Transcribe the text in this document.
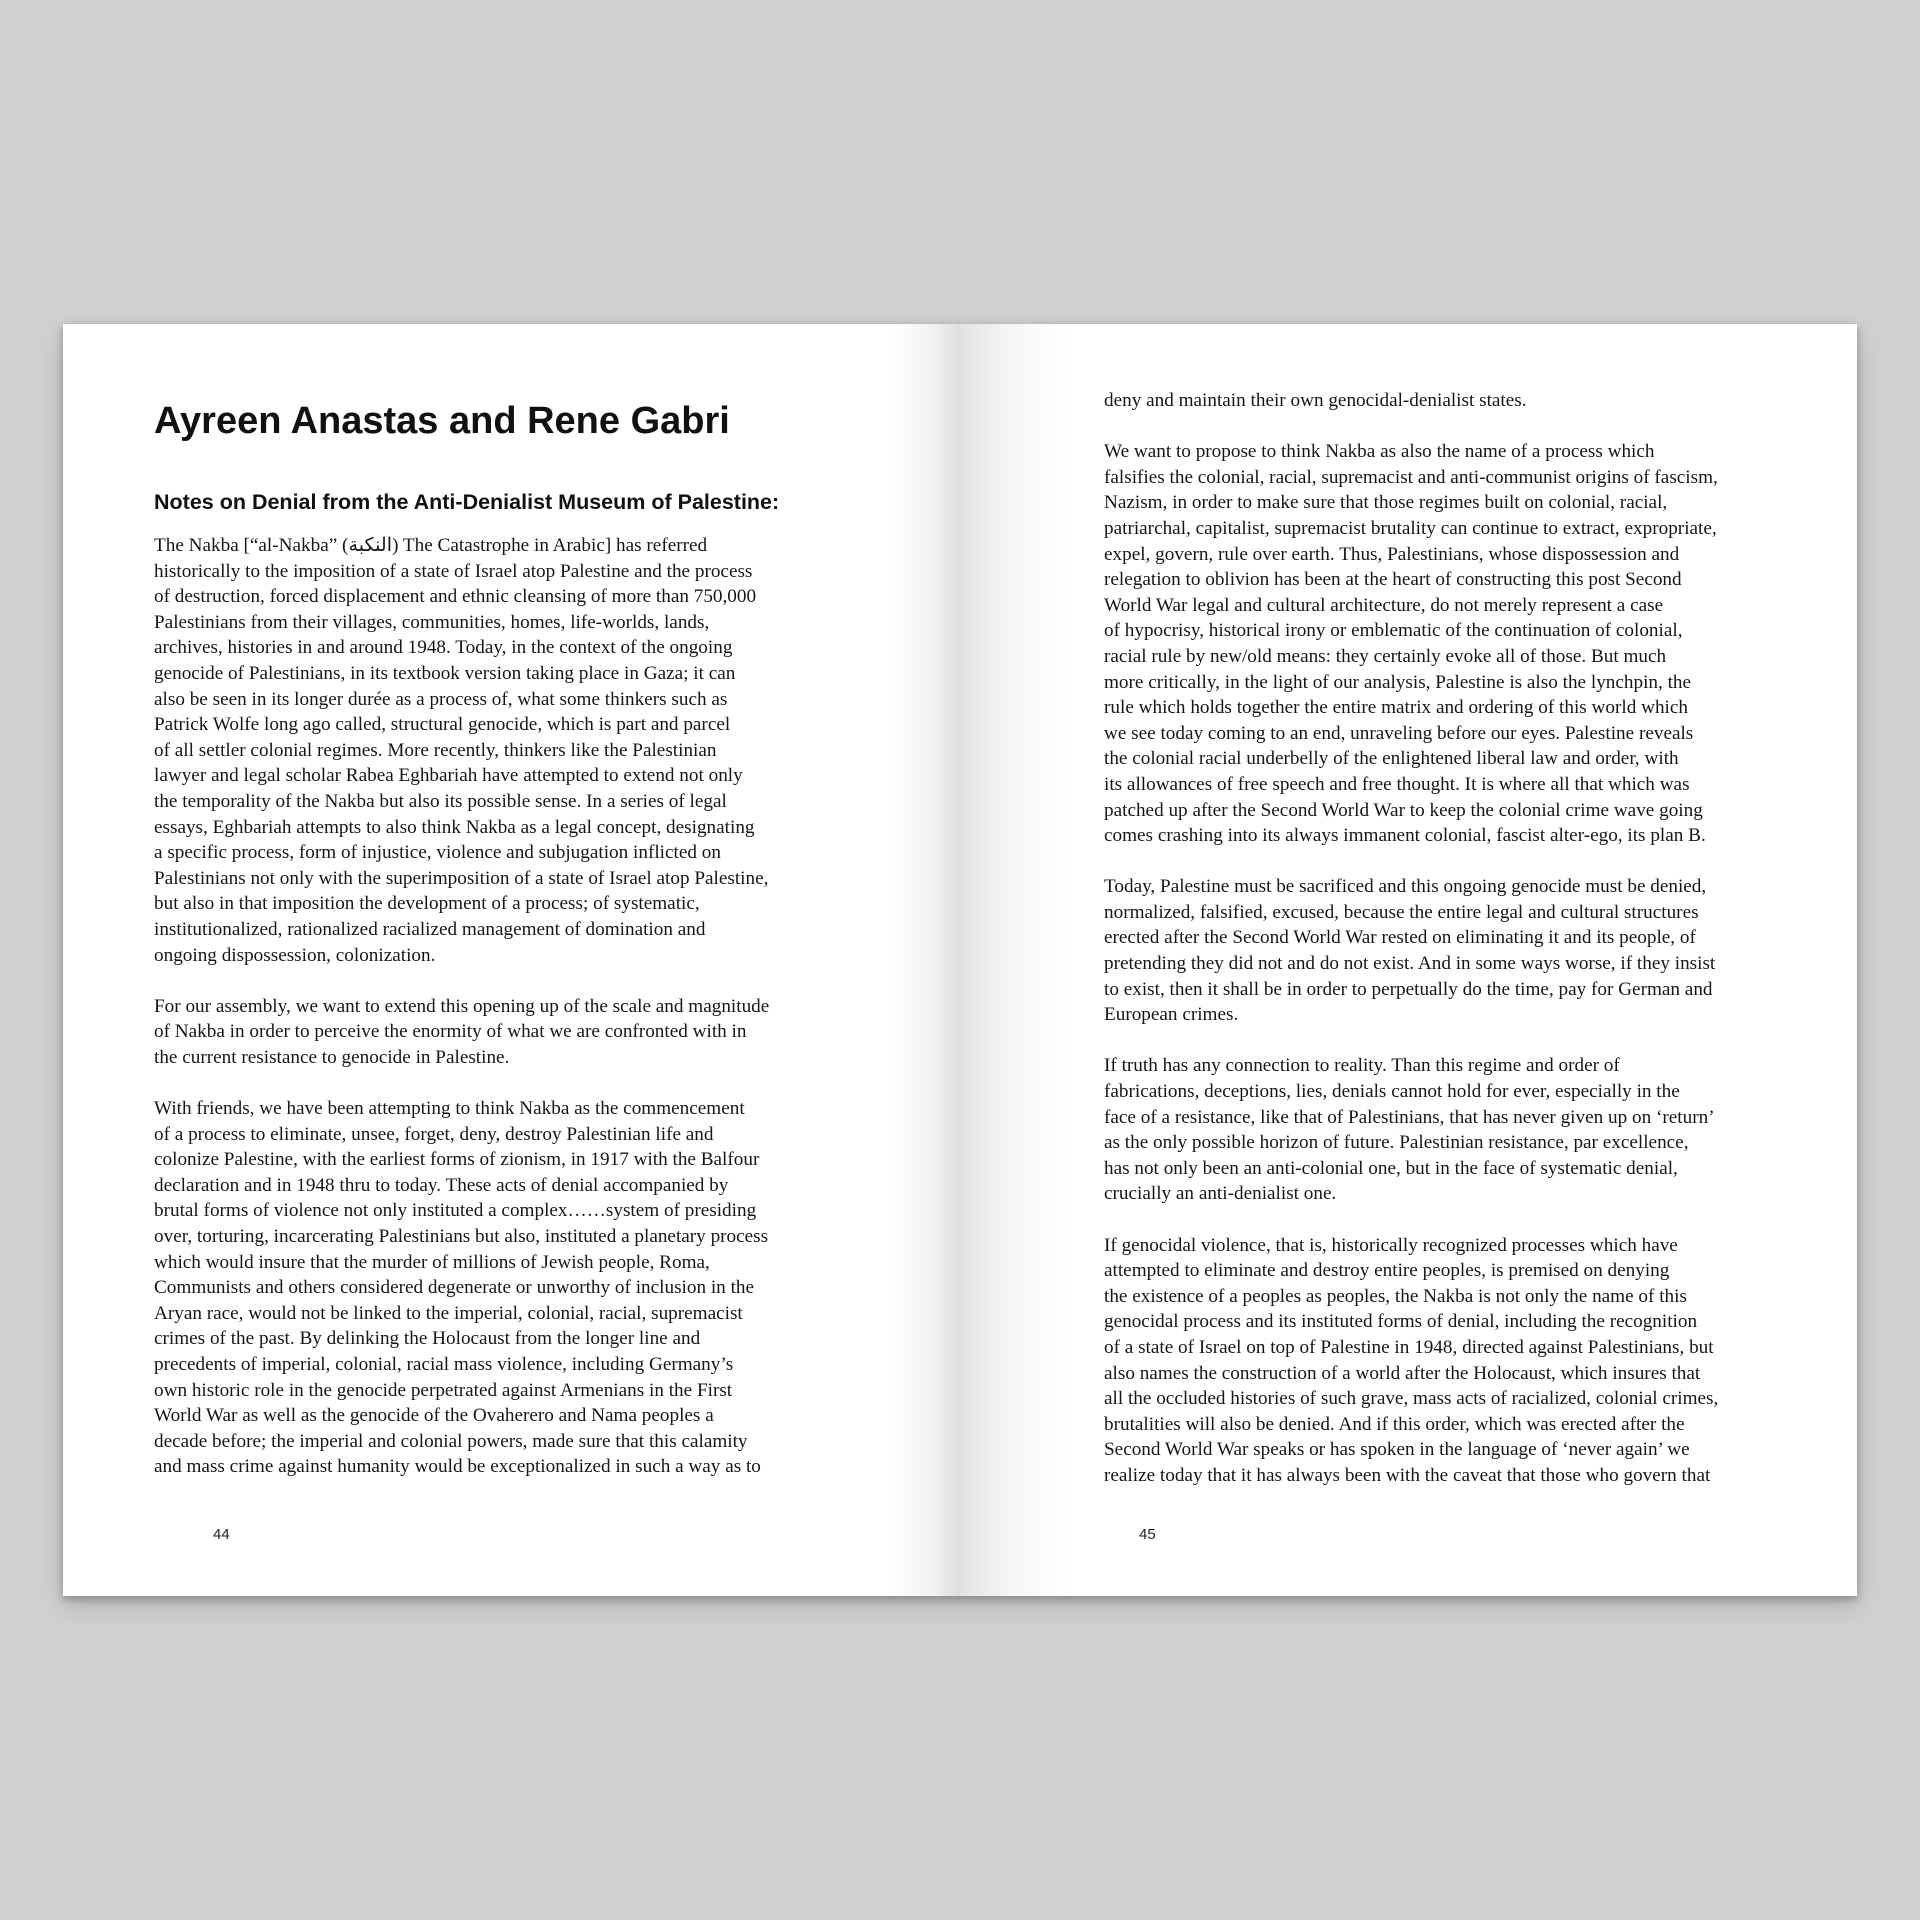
Ayreen Anastas and Rene Gabri
Notes on Denial from the Anti-Denialist Museum of Palestine:

The Nakba [“al-Nakba” (النكبة) The Catastrophe in Arabic] has referred
historically to the imposition of a state of Israel atop Palestine and the process
of destruction, forced displacement and ethnic cleansing of more than 750,000
Palestinians from their villages, communities, homes, life-worlds, lands,
archives, histories in and around 1948. Today, in the context of the ongoing
genocide of Palestinians, in its textbook version taking place in Gaza; it can
also be seen in its longer durée as a process of, what some thinkers such as
Patrick Wolfe long ago called, structural genocide, which is part and parcel
of all settler colonial regimes. More recently, thinkers like the Palestinian
lawyer and legal scholar Rabea Eghbariah have attempted to extend not only
the temporality of the Nakba but also its possible sense. In a series of legal
essays, Eghbariah attempts to also think Nakba as a legal concept, designating
a specific process, form of injustice, violence and subjugation inflicted on
Palestinians not only with the superimposition of a state of Israel atop Palestine,
but also in that imposition the development of a process; of systematic,
institutionalized, rationalized racialized management of domination and
ongoing dispossession, colonization.

For our assembly, we want to extend this opening up of the scale and magnitude
of Nakba in order to perceive the enormity of what we are confronted with in
the current resistance to genocide in Palestine.

With friends, we have been attempting to think Nakba as the commencement
of a process to eliminate, unsee, forget, deny, destroy Palestinian life and
colonize Palestine, with the earliest forms of zionism, in 1917 with the Balfour
declaration and in 1948 thru to today. These acts of denial accompanied by
brutal forms of violence not only instituted a complex……system of presiding
over, torturing, incarcerating Palestinians but also, instituted a planetary process
which would insure that the murder of millions of Jewish people, Roma,
Communists and others considered degenerate or unworthy of inclusion in the
Aryan race, would not be linked to the imperial, colonial, racial, supremacist
crimes of the past. By delinking the Holocaust from the longer line and
precedents of imperial, colonial, racial mass violence, including Germany’s
own historic role in the genocide perpetrated against Armenians in the First
World War as well as the genocide of the Ovaherero and Nama peoples a
decade before; the imperial and colonial powers, made sure that this calamity
and mass crime against humanity would be exceptionalized in such a way as to

44

deny and maintain their own genocidal-denialist states.

We want to propose to think Nakba as also the name of a process which
falsifies the colonial, racial, supremacist and anti-communist origins of fascism,
Nazism, in order to make sure that those regimes built on colonial, racial,
patriarchal, capitalist, supremacist brutality can continue to extract, expropriate,
expel, govern, rule over earth. Thus, Palestinians, whose dispossession and
relegation to oblivion has been at the heart of constructing this post Second
World War legal and cultural architecture, do not merely represent a case
of hypocrisy, historical irony or emblematic of the continuation of colonial,
racial rule by new/old means: they certainly evoke all of those. But much
more critically, in the light of our analysis, Palestine is also the lynchpin, the
rule which holds together the entire matrix and ordering of this world which
we see today coming to an end, unraveling before our eyes. Palestine reveals
the colonial racial underbelly of the enlightened liberal law and order, with
its allowances of free speech and free thought. It is where all that which was
patched up after the Second World War to keep the colonial crime wave going
comes crashing into its always immanent colonial, fascist alter-ego, its plan B.

Today, Palestine must be sacrificed and this ongoing genocide must be denied,
normalized, falsified, excused, because the entire legal and cultural structures
erected after the Second World War rested on eliminating it and its people, of
pretending they did not and do not exist. And in some ways worse, if they insist
to exist, then it shall be in order to perpetually do the time, pay for German and
European crimes.

If truth has any connection to reality. Than this regime and order of
fabrications, deceptions, lies, denials cannot hold for ever, especially in the
face of a resistance, like that of Palestinians, that has never given up on ‘return’
as the only possible horizon of future. Palestinian resistance, par excellence,
has not only been an anti-colonial one, but in the face of systematic denial,
crucially an anti-denialist one.

If genocidal violence, that is, historically recognized processes which have
attempted to eliminate and destroy entire peoples, is premised on denying
the existence of a peoples as peoples, the Nakba is not only the name of this
genocidal process and its instituted forms of denial, including the recognition
of a state of Israel on top of Palestine in 1948, directed against Palestinians, but
also names the construction of a world after the Holocaust, which insures that
all the occluded histories of such grave, mass acts of racialized, colonial crimes,
brutalities will also be denied. And if this order, which was erected after the
Second World War speaks or has spoken in the language of ‘never again’ we
realize today that it has always been with the caveat that those who govern that

45
